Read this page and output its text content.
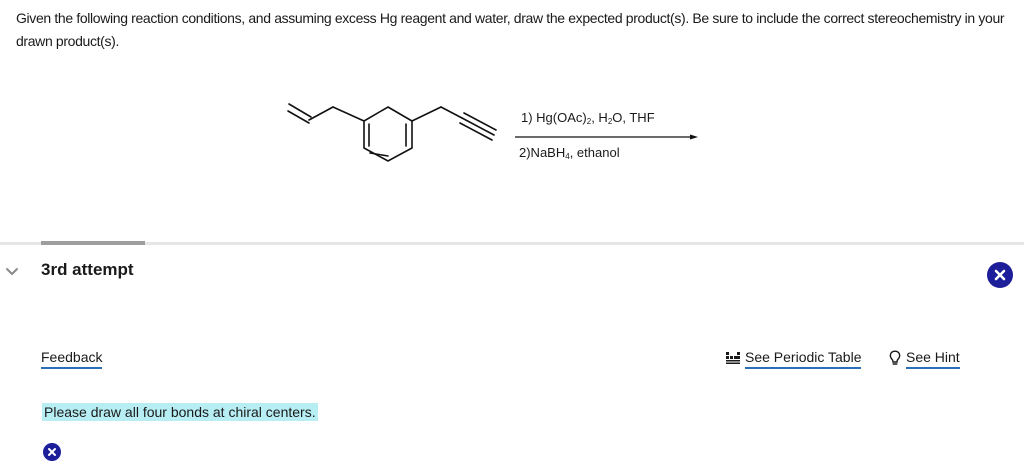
Given the following reaction conditions, and assuming excess Hg reagent and water, draw the expected product(s). Be sure to include the correct stereochemistry in your drawn product(s).
1) $Hg(OAc)_2$, $H_2O$, THF
2)NaBH$_4$, ethanol
3rd attempt
Feedback	See Periodic Table	See Hint
Please draw all four bonds at chiral centers.
